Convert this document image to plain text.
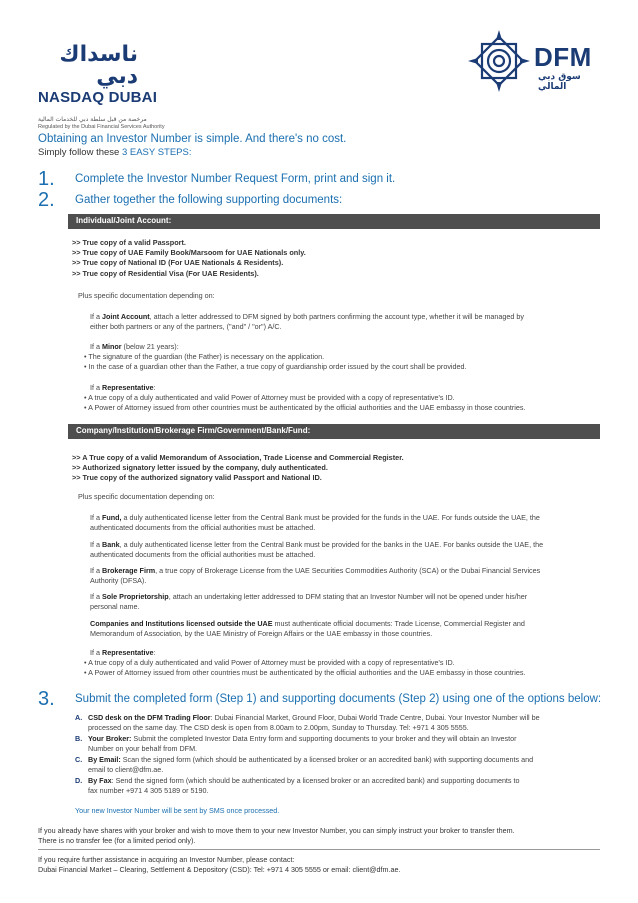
ناسداك دبي
NASDAQ DUBAI
مرخصة من قبل سلطة دبي للخدمات المالية
Regulated by the Dubai Financial Services Authority
DFM
سوق دبي المالي
Obtaining an Investor Number is simple. And there's no cost.
Simply follow these 3 EASY STEPS:
1. Complete the Investor Number Request Form, print and sign it.
2. Gather together the following supporting documents:
Individual/Joint Account:
>> True copy of a valid Passport.
>> True copy of UAE Family Book/Marsoom for UAE Nationals only.
>> True copy of National ID (For UAE Nationals & Residents).
>> True copy of Residential Visa (For UAE Residents).
Plus specific documentation depending on:
If a Joint Account, attach a letter addressed to DFM signed by both partners confirming the account type, whether it will be managed by
either both partners or any of the partners, ("and" / "or") A/C.
If a Minor (below 21 years):
• The signature of the guardian (the Father) is necessary on the application.
• In the case of a guardian other than the Father, a true copy of guardianship order issued by the court shall be provided.
If a Representative:
• A true copy of a duly authenticated and valid Power of Attorney must be provided with a copy of representative's ID.
• A Power of Attorney issued from other countries must be authenticated by the official authorities and the UAE embassy in those countries.
Company/Institution/Brokerage Firm/Government/Bank/Fund:
>> A True copy of a valid Memorandum of Association, Trade License and Commercial Register.
>> Authorized signatory letter issued by the company, duly authenticated.
>> True copy of the authorized signatory valid Passport and National ID.
Plus specific documentation depending on:
If a Fund, a duly authenticated license letter from the Central Bank must be provided for the funds in the UAE. For funds outside the UAE, the
authenticated documents from the official authorities must be attached.
If a Bank, a duly authenticated license letter from the Central Bank must be provided for the banks in the UAE. For banks outside the UAE, the
authenticated documents from the official authorities must be attached.
If a Brokerage Firm, a true copy of Brokerage License from the UAE Securities Commodities Authority (SCA) or the Dubai Financial Services
Authority (DFSA).
If a Sole Proprietorship, attach an undertaking letter addressed to DFM stating that an Investor Number will not be opened under his/her
personal name.
Companies and Institutions licensed outside the UAE must authenticate official documents: Trade License, Commercial Register and
Memorandum of Association, by the UAE Ministry of Foreign Affairs or the UAE embassy in those countries.
If a Representative:
• A true copy of a duly authenticated and valid Power of Attorney must be provided with a copy of representative's ID.
• A Power of Attorney issued from other countries must be authenticated by the official authorities and the UAE embassy in those countries.
3. Submit the completed form (Step 1) and supporting documents (Step 2) using one of the options below:
A. CSD desk on the DFM Trading Floor: Dubai Financial Market, Ground Floor, Dubai World Trade Centre, Dubai. Your Investor Number will be
processed on the same day. The CSD desk is open from 8.00am to 2.00pm, Sunday to Thursday. Tel: +971 4 305 5555.
B. Your Broker: Submit the completed Investor Data Entry form and supporting documents to your broker and they will obtain an Investor
Number on your behalf from DFM.
C. By Email: Scan the signed form (which should be authenticated by a licensed broker or an accredited bank) with supporting documents and
email to client@dfm.ae.
D. By Fax: Send the signed form (which should be authenticated by a licensed broker or an accredited bank) and supporting documents to
fax number +971 4 305 5189 or 5190.
Your new Investor Number will be sent by SMS once processed.
If you already have shares with your broker and wish to move them to your new Investor Number, you can simply instruct your broker to transfer them.
There is no transfer fee (for a limited period only).
If you require further assistance in acquiring an Investor Number, please contact:
Dubai Financial Market – Clearing, Settlement & Depository (CSD): Tel: +971 4 305 5555 or email: client@dfm.ae.
